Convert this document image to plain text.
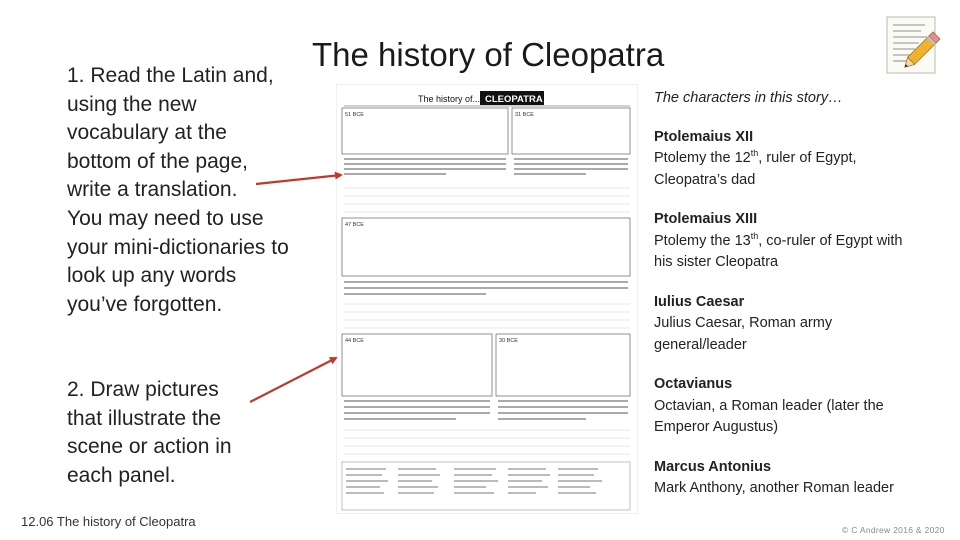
The history of Cleopatra
1. Read the Latin and,
using the new
vocabulary at the
bottom of the page,
write a translation.
You may need to use
your mini-dictionaries to
look up any words
you’ve forgotten.
2. Draw pictures
that illustrate the
scene or action in
each panel.
The history of... CLEOPATRA
51 BCE	31 BCE
47 BCE
44 BCE	30 BCE
The characters in this story…
Ptolemaius XII
Ptolemy the 12th, ruler of Egypt,
Cleopatra’s dad
Ptolemaius XIII
Ptolemy the 13th, co-ruler of Egypt with
his sister Cleopatra
Iulius Caesar
Julius Caesar, Roman army
general/leader
Octavianus
Octavian, a Roman leader (later the
Emperor Augustus)
Marcus Antonius
Mark Anthony, another Roman leader
12.06 The history of Cleopatra
© C Andrew 2016 & 2020
